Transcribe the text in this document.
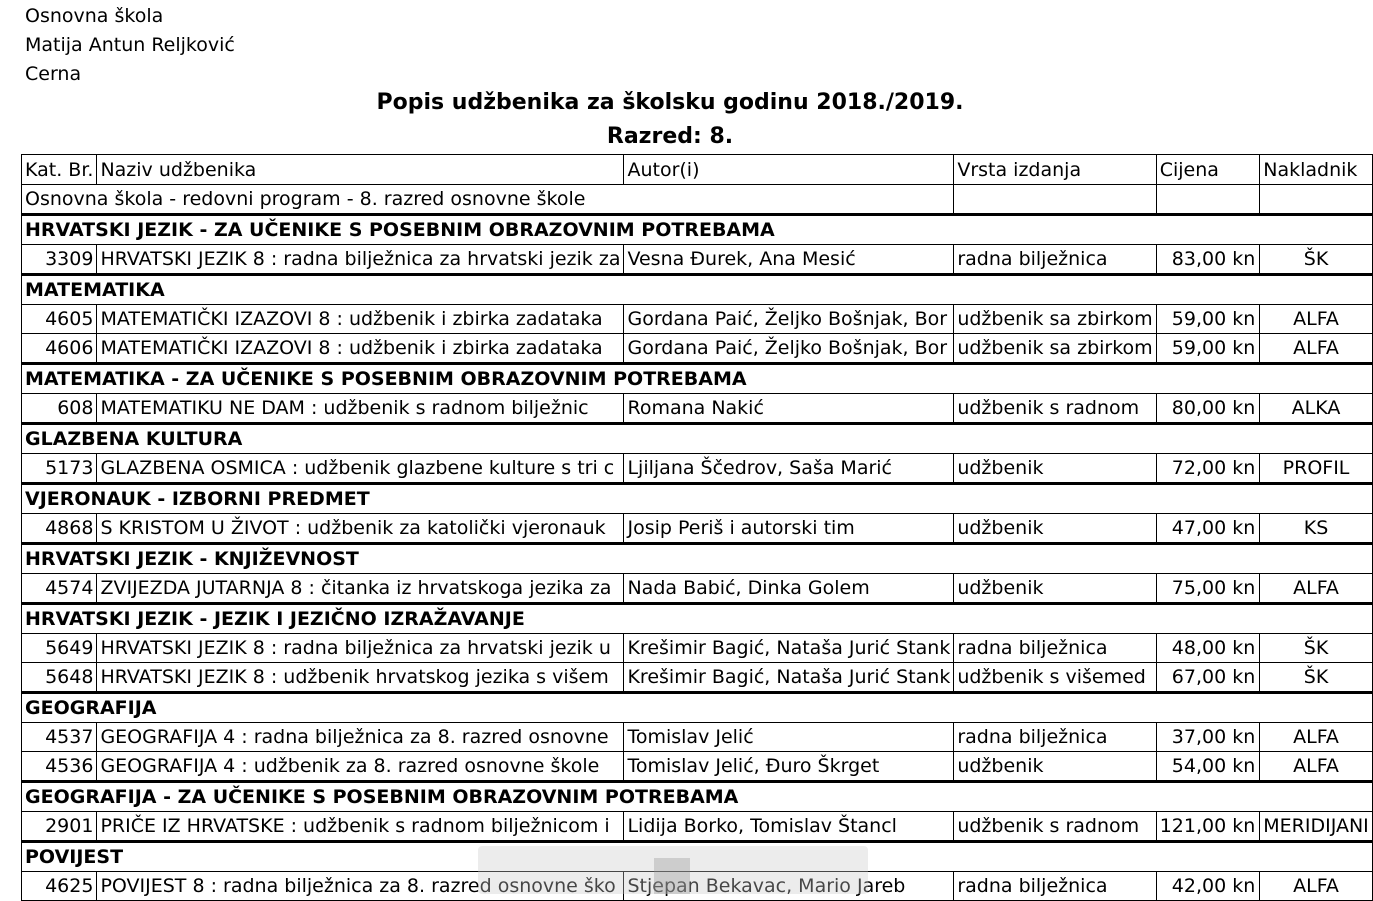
Osnovna škola
Matija Antun Reljković
Cerna
Popis udžbenika za školsku godinu 2018./2019.
Razred: 8.
Kat. Br.	Naziv udžbenika	Autor(i)	Vrsta izdanja	Cijena	Nakladnik
Osnovna škola - redovni program - 8. razred osnovne škole					
HRVATSKI JEZIK - ZA UČENIKE S POSEBNIM OBRAZOVNIM POTREBAMA					
3309	HRVATSKI JEZIK 8 : radna bilježnica za hrvatski jezik za	Vesna Đurek, Ana Mesić	radna bilježnica	83,00 kn	ŠK
MATEMATIKA					
4605	MATEMATIČKI IZAZOVI 8 : udžbenik i zbirka zadataka	Gordana Paić, Željko Bošnjak, Bor	udžbenik sa zbirkom	59,00 kn	ALFA
4606	MATEMATIČKI IZAZOVI 8 : udžbenik i zbirka zadataka	Gordana Paić, Željko Bošnjak, Bor	udžbenik sa zbirkom	59,00 kn	ALFA
MATEMATIKA - ZA UČENIKE S POSEBNIM OBRAZOVNIM POTREBAMA					
608	MATEMATIKU NE DAM : udžbenik s radnom bilježnic	Romana Nakić	udžbenik s radnom	80,00 kn	ALKA
GLAZBENA KULTURA					
5173	GLAZBENA OSMICA : udžbenik glazbene kulture s tri c	Ljiljana Ščedrov, Saša Marić	udžbenik	72,00 kn	PROFIL
VJERONAUK - IZBORNI PREDMET					
4868	S KRISTOM U ŽIVOT : udžbenik za katolički vjeronauk	Josip Periš i autorski tim	udžbenik	47,00 kn	KS
HRVATSKI JEZIK - KNJIŽEVNOST					
4574	ZVIJEZDA JUTARNJA 8 : čitanka iz hrvatskoga jezika za	Nada Babić, Dinka Golem	udžbenik	75,00 kn	ALFA
HRVATSKI JEZIK - JEZIK I JEZIČNO IZRAŽAVANJE					
5649	HRVATSKI JEZIK 8 : radna bilježnica za hrvatski jezik u	Krešimir Bagić, Nataša Jurić Stank	radna bilježnica	48,00 kn	ŠK
5648	HRVATSKI JEZIK 8 : udžbenik hrvatskog jezika s višem	Krešimir Bagić, Nataša Jurić Stank	udžbenik s višemed	67,00 kn	ŠK
GEOGRAFIJA					
4537	GEOGRAFIJA 4 : radna bilježnica za 8. razred osnovne	Tomislav Jelić	radna bilježnica	37,00 kn	ALFA
4536	GEOGRAFIJA 4 : udžbenik za 8. razred osnovne škole	Tomislav Jelić, Đuro Škrget	udžbenik	54,00 kn	ALFA
GEOGRAFIJA - ZA UČENIKE S POSEBNIM OBRAZOVNIM POTREBAMA					
2901	PRIČE IZ HRVATSKE : udžbenik s radnom bilježnicom i	Lidija Borko, Tomislav Štancl	udžbenik s radnom	121,00 kn	MERIDIJANI
POVIJEST					
4625	POVIJEST 8 : radna bilježnica za 8. razred osnovne ško	Stjepan Bekavac, Mario Jareb	radna bilježnica	42,00 kn	ALFA
